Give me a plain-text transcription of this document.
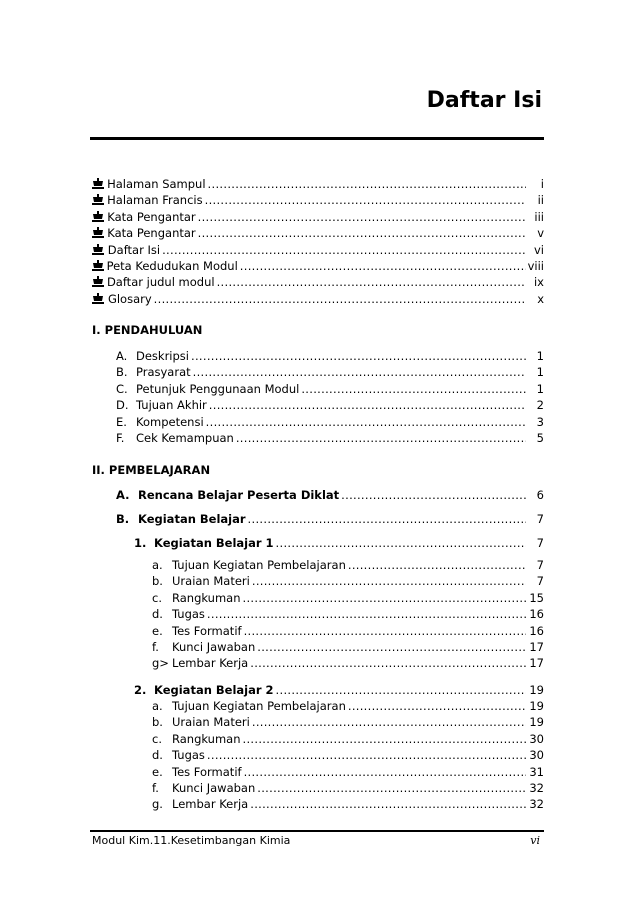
Daftar Isi
Halaman Sampul .....	i
Halaman Francis .....	ii
Kata Pengantar .....	iii
Kata Pengantar .....	v
Daftar Isi .....	vi
Peta Kedudukan Modul .....	viii
Daftar judul modul .....	ix
Glosary .....	x
I. PENDAHULUAN
A. Deskripsi .....	1
B. Prasyarat .....	1
C. Petunjuk Penggunaan Modul .....	1
D. Tujuan Akhir .....	2
E. Kompetensi .....	3
F.	Cek Kemampuan .....	5
II. PEMBELAJARAN
A. Rencana Belajar Peserta Diklat .....	6
B. Kegiatan Belajar .....	7
1. Kegiatan Belajar 1 .....	7
a. Tujuan Kegiatan Pembelajaran .....	7
b. Uraian Materi .....	7
c. Rangkuman .....	15
d. Tugas .....	16
e. Tes Formatif .....	16
f.	Kunci Jawaban .....	17
g> Lembar Kerja .....	17
2. Kegiatan Belajar 2 .....	19
a. Tujuan Kegiatan Pembelajaran .....	19
b. Uraian Materi .....	19
c. Rangkuman .....	30
d. Tugas .....	30
e. Tes Formatif .....	31
f.	Kunci Jawaban .....	32
g. Lembar Kerja .....	32
Modul Kim.11.Kesetimbangan Kimia	vi
